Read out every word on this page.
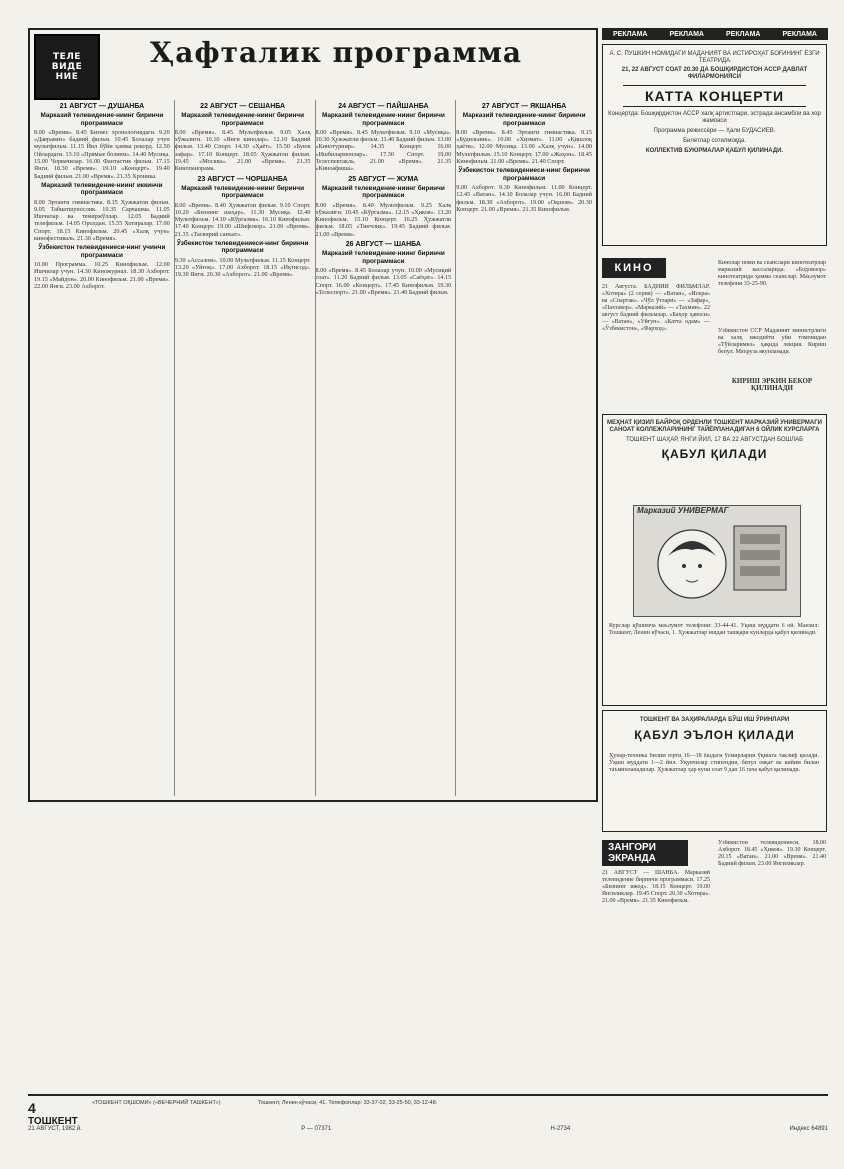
ТЕЛЕ
ВИДЕ
НИЕ
Ҳафталик программа
21 АВГУСТ — ДУШАНБА
Марказий телевидение-ниинг биринчи программаси

8.00 «Время». 8.45 Бизнес хронологиядаги. 9.20 «Даврамиз» бадиий фильм. 10.45 Болалар учун мультфильм. 11.15 Йил бўйи ҳамма рекорд. 12.50 Ойлардаги. 13.10 «Прямые болнем». 14.40 Мусиқа. 15.00 Чорвачилар. 16.00 Фантастик фильм. 17.15 Янги. 18.30 «Время». 19.10 «Концерт». 19.40 Бадиий фильм. 21.00 «Время». 21.35 Хроника.

Марказий телевидение-ниинг иккинчи программаси

8.00 Эртанги гимнастика. 8.15 Ҳужжатли фильм. 9.05 Табиатшунослик. 10.35 Сарчашма. 11.05 Ишчилар ва темиржўллар. 12.05 Бадиий телефильм. 14.05 Оролдан. 15.55 Хотиралар. 17.00 Спорт. 18.15 Кинофильм. 20.45 «Халқ учун» кинофестиваль. 21.30 «Время».

Ўзбекистон телевидениеси-нинг учинчи программаси

10.00 Программа. 10.25 Кинофильм. 12.00 Ишчилар учун. 14.30 Киножурнал. 18.30 Ахборот. 19.15 «Майдон». 20.00 Кинофильм. 21.00 «Время». 22.00 Янги. 23.00 Ахборот.

22 АВГУСТ — СЕШАНБА
Марказий телевидение-ниинг биринчи программаси

8.00 «Время». 8.45 Мультфильм. 9.05 Халқ хўжалиги. 10.10 «Янги кинолар». 12.10 Бадиий фильм. 13.40 Спорт. 14.30 «Ҳаёт». 15.50 «Буюк зафар». 17.10 Концерт. 18.05 Ҳужжатли фильм. 19.45 «Москва». 21.00 «Время». 21.35 Кинопанорама.

23 АВГУСТ — ЧОРШАНБА
Марказий телевидение-ниинг биринчи программаси

8.00 «Время». 8.40 Ҳужжатли фильм. 9.10 Спорт. 10.20 «Бизнинг шаҳар». 11.30 Мусиқа. 12.40 Мультфильм. 14.10 «Кўргазма». 16.10 Кинофильм. 17.40 Концерт. 19.00 «Шифокор». 21.00 «Время». 21.35 «Тасвирий санъат».

Ўзбекистон телевидениеси-нинг биринчи программаси

9.30 «Ассалом». 10.00 Мультфильм. 11.15 Концерт. 13.20 «Уйғоқ». 17.00 Ахборот. 18.15 «Иқтисод». 19.30 Янги. 20.30 «Ахборот». 21.00 «Время».

24 АВГУСТ — ПАЙШАНБА
Марказий телевидение-ниинг биринчи программаси

8.00 «Время». 8.45 Мультфильм. 9.10 «Мусиқа». 10.30 Ҳужжатли фильм. 11.40 Бадиий фильм. 13.00 «Кинотурнир». 14.35 Концерт. 16.00 «Ишбилармонлар». 17.30 Спорт. 19.00 Телеспектакль. 21.00 «Время». 21.35 «Киноафиша».

25 АВГУСТ — ЖУМА
Марказий телевидение-ниинг биринчи программаси

8.00 «Время». 8.40 Мультфильм. 9.25 Халқ хўжалиги. 10.45 «Кўргазма». 12.15 «Ҳикоя». 13.20 Кинофильм. 15.10 Концерт. 16.25 Ҳужжатли фильм. 18.05 «Тинчлик». 19.45 Бадиий фильм. 21.00 «Время».

26 АВГУСТ — ШАНБА
Марказий телевидение-ниинг биринчи программаси

8.00 «Время». 8.45 Болалар учун. 10.00 «Мусиқий соат». 11.20 Бадиий фильм. 13.05 «Саёҳат». 14.15 Спорт. 16.00 «Концерт». 17.45 Кинофильм. 19.30 «Телеспорт». 21.00 «Время». 21.40 Бадиий фильм.

27 АВГУСТ — ЯКШАНБА
Марказий телевидение-ниинг биринчи программаси

8.00 «Время». 8.45 Эртанги гимнастика. 9.15 «Будильник». 10.00 «Хизмат». 11.00 «Қишлоқ ҳаёти». 12.00 Мусиқа. 13.00 «Халқ учун». 14.00 Мультфильм. 15.10 Концерт. 17.00 «Жаҳон». 18.45 Кинофильм. 21.00 «Время». 21.40 Спорт.

Ўзбекистон телевидениеси-нинг биринчи программаси

9.00 Ахборот. 9.30 Кинофильм. 11.00 Концерт. 12.45 «Ватан». 14.10 Болалар учун. 16.00 Бадиий фильм. 18.30 «Ахборот». 19.00 «Оқшом». 20.30 Концерт. 21.00 «Время». 21.35 Кинофильм.

РЕКЛАМА	РЕКЛАМА	РЕКЛАМА	РЕКЛАМА
А. С. ПУШКИН НОМИДАГИ МАДАНИЯТ ВА ИСТИРОҲАТ БОҒИНИНГ ЁЗГИ ТЕАТРИДА
21, 22 АВГУСТ СОАТ 20.30 ДА БОШҚИРДИСТОН АССР ДАВЛАТ ФИЛАРМОНИЯСИ
КАТТА КОНЦЕРТИ
Концертда: Бошқирдистон АССР халқ артистлари, эстрада ансамбли ва хор жамоаси
Программа режиссёри — Ҳали БУДАСИЕВ.
Билетлар сотилмоқда.
КОЛЛЕКТИВ БУЮРМАЛАР ҚАБУЛ ҚИЛИНАДИ.
КИНО
21 Августа. БАДИИЙ ФИЛЬМЛАР. «Хотира» (2 серия) — «Ватан», «Искра» ва «Спартак». «Чўл ўтлари» — «Зафар», «Пахтакор». «Марказий» — «Тахмин». 22 август бадиий фильмлар. «Баҳор ҳавоси» — «Ватан», «Уйғун». «Катта одам» — «Ўзбекистон», «Фарход».
Кинолар номи ва сеанслари кинотеатрлар марказий кассаларида. «Бодомзор» кинотеатрида ҳамма сеанслар. Маълумот телефони 33-25-90.
Ўзбекистон ССР Маданият министрлиги ва халқ ижодиёти уйи томонидан «Тўйларимиз» ҳақида лекция. Кириш бепул. Маъруза якунланади.
КИРИШ ЭРКИН БЕКОР ҚИЛИНАДИ
МЕҲНАТ ҚИЗИЛ БАЙРОҚ ОРДЕНЛИ ТОШКЕНТ МАРКАЗИЙ УНИВЕРМАГИ САНОАТ КОЛЛЕЖЛАРИНИНГ ТАЙЁРЛАНАДИГАН 6 ОЙЛИК КУРСЛАРГА
ТОШКЕНТ ШАҲАР, ЯНГИ ЙИЛ, 17 ВА 22 АВГУСТДАН БОШЛАБ
ҚАБУЛ ҚИЛАДИ
Марказий УНИВЕРМАГ
Курслар қўшимча маълумот телефони: 33-44-41. Ўқиш муддати 6 ой. Манзил: Тошкент, Ленин кўчаси, 1. Ҳужжатлар ишдан ташқари кунларда қабул қилинади.
ТОШКЕНТ ВА ЗАҲИРАЛАРДА БЎШ ИШ ЎРИНЛАРИ
ҚАБУЛ ЭЪЛОН ҚИЛАДИ
Ҳунар-техника билим юрти 16—18 ёшдаги ўсмирларни ўқишга таклиф қилади. Ўқиш муддати 1—2 йил. Ўқувчилар стипендия, бепул овқат ва кийим билан таъминланадилар. Ҳужжатлар ҳар куни соат 9 дан 16 гача қабул қилинади.
ЗАНГОРИ
ЭКРАНДА
21 АВГУСТ — ШАНБА. Марказий телевидение биринчи программаси. 17.25 «Бизнинг ижод». 18.15 Концерт. 19.00 Янгиликлар. 19.45 Спорт. 20.30 «Хотира». 21.00 «Время». 21.35 Кинофильм.
Ўзбекистон телевидениеси. 18.00 Ахборот. 18.45 «Ҳикоя». 19.30 Концерт. 20.15 «Ватан». 21.00 «Время». 21.40 Бадиий фильм. 23.00 Янгиликлар.
4 ТОШКЕНТ
«ТОШКЕНТ ОҚШОМИ» («ВЕЧЕРНИЙ ТАШКЕНТ»)	Тошкент, Ленин кўчаси, 41. Телефонлар: 33-37-02, 33-25-50, 33-12-48.
21 АВГУСТ, 1982 й.	Р — 07371	Н-2734	Индекс 64891
